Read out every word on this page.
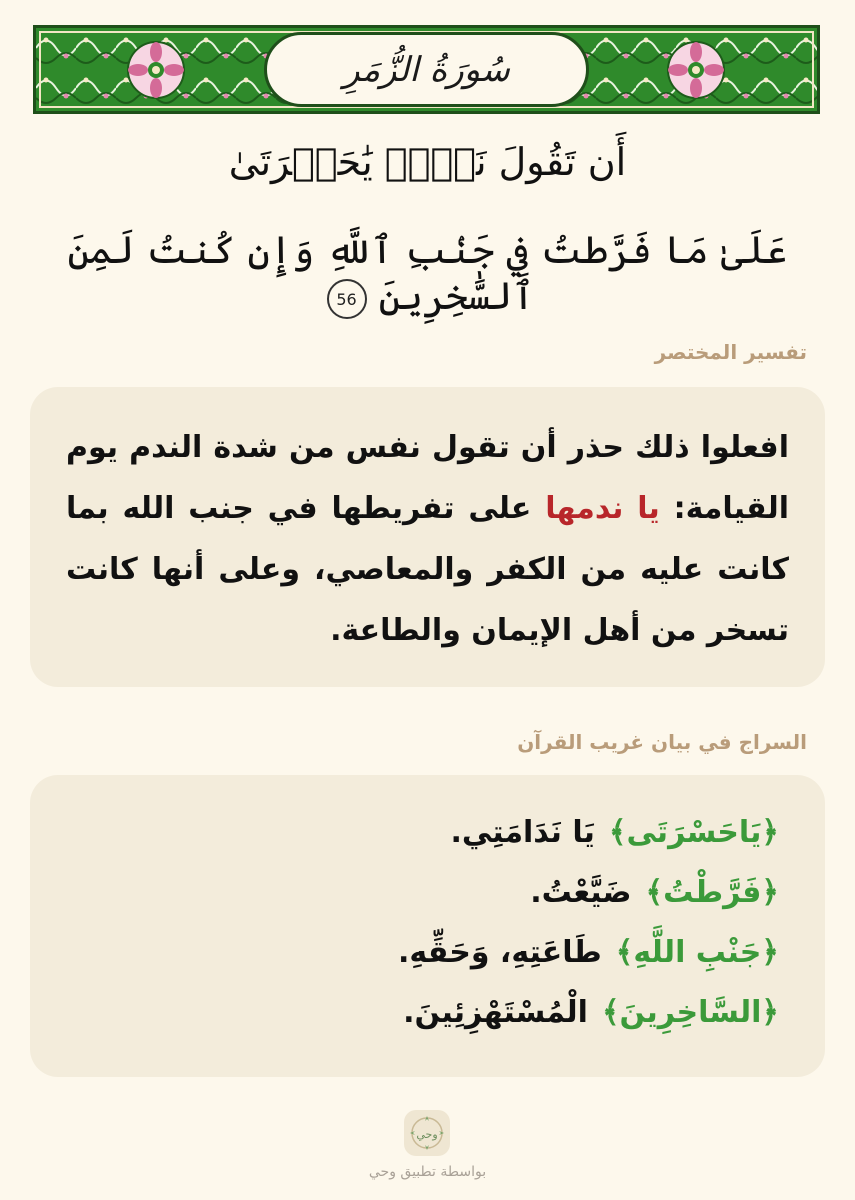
سُورَةُ الزُّمَرِ
أَن تَقُولَ نَفۡسٞ يَٰحَسۡرَتَىٰ
عَلَىٰ مَا فَرَّطتُ فِي جَنۢبِ ٱللَّهِ وَإِن كُنتُ لَمِنَ ٱلسَّٰخِرِينَ 56
تفسير المختصر
افعلوا ذلك حذر أن تقول نفس من شدة الندم يوم القيامة: يا ندمها على تفريطها في جنب الله بما كانت عليه من الكفر والمعاصي، وعلى أنها كانت تسخر من أهل الإيمان والطاعة.
السراج في بيان غريب القرآن
﴿يَاحَسْرَتَى﴾يَا نَدَامَتِي.
﴿فَرَّطْتُ﴾ضَيَّعْتُ.
﴿جَنْبِ اللَّهِ﴾طَاعَتِهِ، وَحَقِّهِ.
﴿السَّاخِرِينَ﴾الْمُسْتَهْزِئِينَ.
وحي
بواسطة تطبيق وحي
